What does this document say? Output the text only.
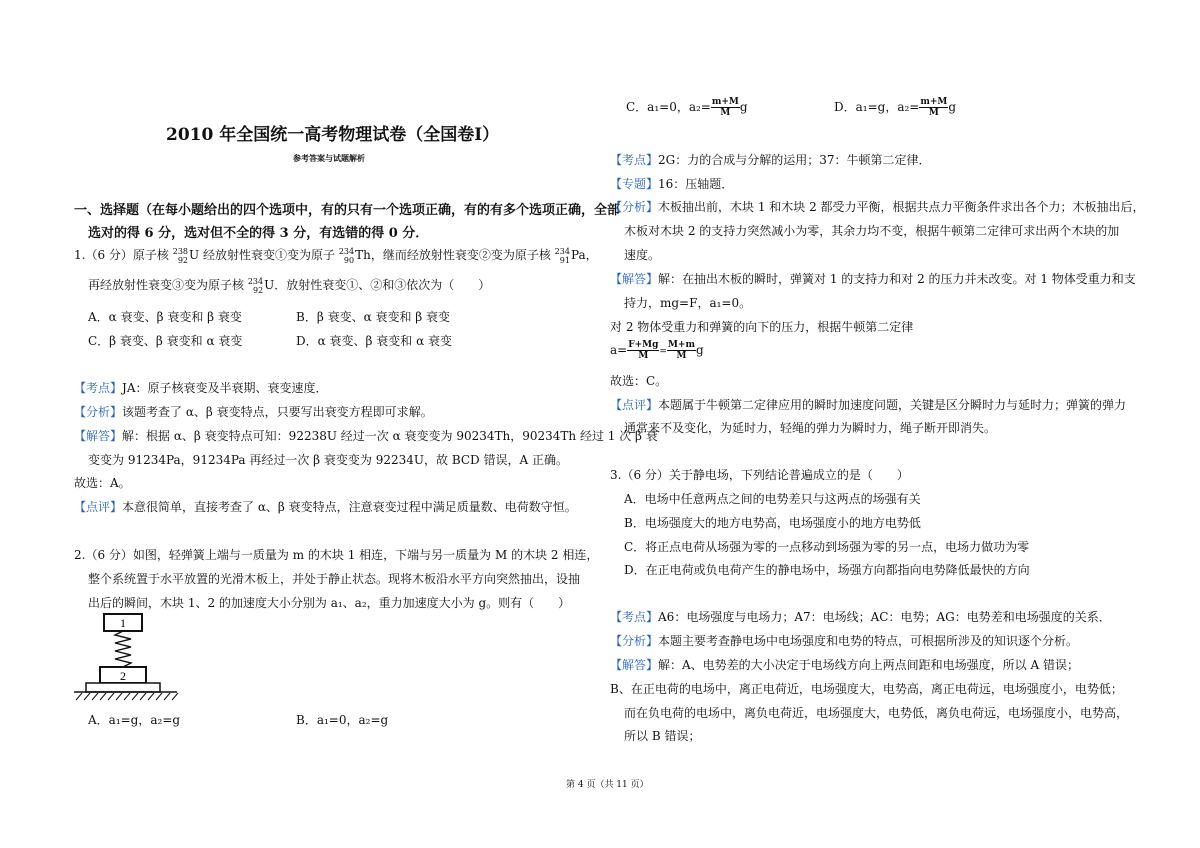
2010 年全国统一高考物理试卷（全国卷Ⅰ）
参考答案与试题解析
一、选择题（在每小题给出的四个选项中，有的只有一个选项正确，有的有多个选项正确，全部
选对的得 6 分，选对但不全的得 3 分，有选错的得 0 分．
1.（6 分）原子核 238
92 U 经放射性衰变①变为原子 234
90 Th，继而经放射性衰变②变为原子核 234
91 Pa，
再经放射性衰变③变为原子核 234
92 U．放射性衰变①、②和③依次为（　　）
A．α 衰变、β 衰变和 β 衰变	B．β 衰变、α 衰变和 β 衰变
C．β 衰变、β 衰变和 α 衰变	D．α 衰变、β 衰变和 α 衰变
【考点】JA：原子核衰变及半衰期、衰变速度．
【分析】该题考查了 α、β 衰变特点，只要写出衰变方程即可求解。
【解答】解：根据 α、β 衰变特点可知：92238U 经过一次 α 衰变变为 90234Th，90234Th 经过 1 次 β 衰
变变为 91234Pa，91234Pa 再经过一次 β 衰变变为 92234U，故 BCD 错误，A 正确。
故选：A。
【点评】本意很简单，直接考查了 α、β 衰变特点，注意衰变过程中满足质量数、电荷数守恒。
2.（6 分）如图，轻弹簧上端与一质量为 m 的木块 1 相连，下端与另一质量为 M 的木块 2 相连，
整个系统置于水平放置的光滑木板上，并处于静止状态。现将木板沿水平方向突然抽出，设抽
出后的瞬间，木块 1、2 的加速度大小分别为 a₁、a₂，重力加速度大小为 g。则有（　　）
1
2
A．a₁=g，a₂=g	B．a₁=0，a₂=g
C．a₁=0，$a_2= \frac{m+M}{M}$ g	D．a₁=g，$a_2= \frac{m+M}{M}$ g
【考点】2G：力的合成与分解的运用；37：牛顿第二定律．
【专题】16：压轴题．
【分析】木板抽出前，木块 1 和木块 2 都受力平衡，根据共点力平衡条件求出各个力；木板抽出后，
木板对木块 2 的支持力突然减小为零，其余力均不变，根据牛顿第二定律可求出两个木块的加
速度。
【解答】解：在抽出木板的瞬时，弹簧对 1 的支持力和对 2 的压力并未改变。对 1 物体受重力和支
持力，mg=F，a₁=0。
对 2 物体受重力和弹簧的向下的压力，根据牛顿第二定律
$a= \frac{F+Mg}{M} = \frac{M+m}{M}$ g
故选：C。
【点评】本题属于牛顿第二定律应用的瞬时加速度问题，关键是区分瞬时力与延时力；弹簧的弹力
通常来不及变化，为延时力，轻绳的弹力为瞬时力，绳子断开即消失。
3.（6 分）关于静电场，下列结论普遍成立的是（　　）
A．电场中任意两点之间的电势差只与这两点的场强有关
B．电场强度大的地方电势高，电场强度小的地方电势低
C．将正点电荷从场强为零的一点移动到场强为零的另一点，电场力做功为零
D．在正电荷或负电荷产生的静电场中，场强方向都指向电势降低最快的方向
【考点】A6：电场强度与电场力；A7：电场线；AC：电势；AG：电势差和电场强度的关系．
【分析】本题主要考查静电场中电场强度和电势的特点，可根据所涉及的知识逐个分析。
【解答】解：A、电势差的大小决定于电场线方向上两点间距和电场强度，所以 A 错误；
B、在正电荷的电场中，离正电荷近，电场强度大，电势高，离正电荷远，电场强度小，电势低；
而在负电荷的电场中，离负电荷近，电场强度大，电势低，离负电荷远，电场强度小，电势高，
所以 B 错误；
第 4 页（共 11 页）
